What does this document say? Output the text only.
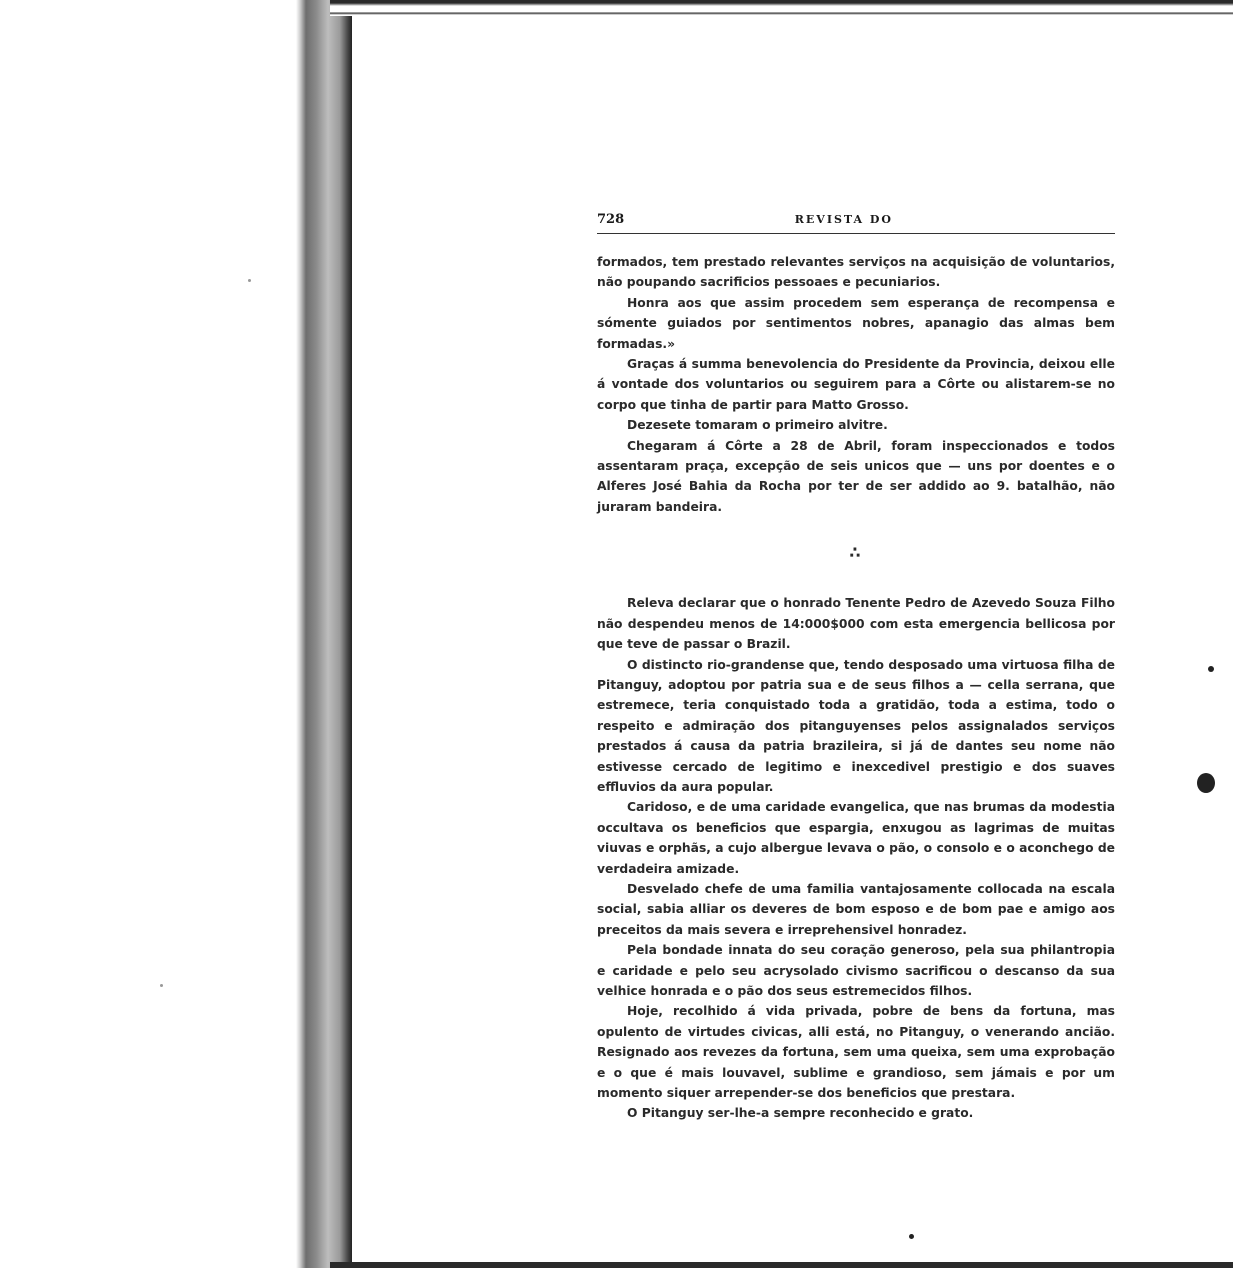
728	REVISTA DO

formados, tem prestado relevantes serviços na acquisição de voluntarios, não poupando sacrificios pessoaes e pecuniarios.

Honra aos que assim procedem sem esperança de recompensa e sómente guiados por sentimentos nobres, apanagio das almas bem formadas.»

Graças á summa benevolencia do Presidente da Provincia, deixou elle á vontade dos voluntarios ou seguirem para a Côrte ou alistarem-se no corpo que tinha de partir para Matto Grosso.

Dezesete tomaram o primeiro alvitre.

Chegaram á Côrte a 28 de Abril, foram inspeccionados e todos assentaram praça, excepção de seis unicos que — uns por doentes e o Alferes José Bahia da Rocha por ter de ser addido ao 9. batalhão, não juraram bandeira.

∴

Releva declarar que o honrado Tenente Pedro de Azevedo Souza Filho não despendeu menos de 14:000$000 com esta emergencia bellicosa por que teve de passar o Brazil.

O distincto rio-grandense que, tendo desposado uma virtuosa filha de Pitanguy, adoptou por patria sua e de seus filhos a — cella serrana, que estremece, teria conquistado toda a gratidão, toda a estima, todo o respeito e admiração dos pitanguyenses pelos assignalados serviços prestados á causa da patria brazileira, si já de dantes seu nome não estivesse cercado de legitimo e inexcedivel prestigio e dos suaves effluvios da aura popular.

Caridoso, e de uma caridade evangelica, que nas brumas da modestia occultava os beneficios que espargia, enxugou as lagrimas de muitas viuvas e orphãs, a cujo albergue levava o pão, o consolo e o aconchego de verdadeira amizade.

Desvelado chefe de uma familia vantajosamente collocada na escala social, sabia alliar os deveres de bom esposo e de bom pae e amigo aos preceitos da mais severa e irreprehensivel honradez.

Pela bondade innata do seu coração generoso, pela sua philantropia e caridade e pelo seu acrysolado civismo sacrificou o descanso da sua velhice honrada e o pão dos seus estremecidos filhos.

Hoje, recolhido á vida privada, pobre de bens da fortuna, mas opulento de virtudes civicas, alli está, no Pitanguy, o venerando ancião. Resignado aos revezes da fortuna, sem uma queixa, sem uma exprobação e o que é mais louvavel, sublime e grandioso, sem jámais e por um momento siquer arrepender-se dos beneficios que prestara.

O Pitanguy ser-lhe-a sempre reconhecido e grato.
